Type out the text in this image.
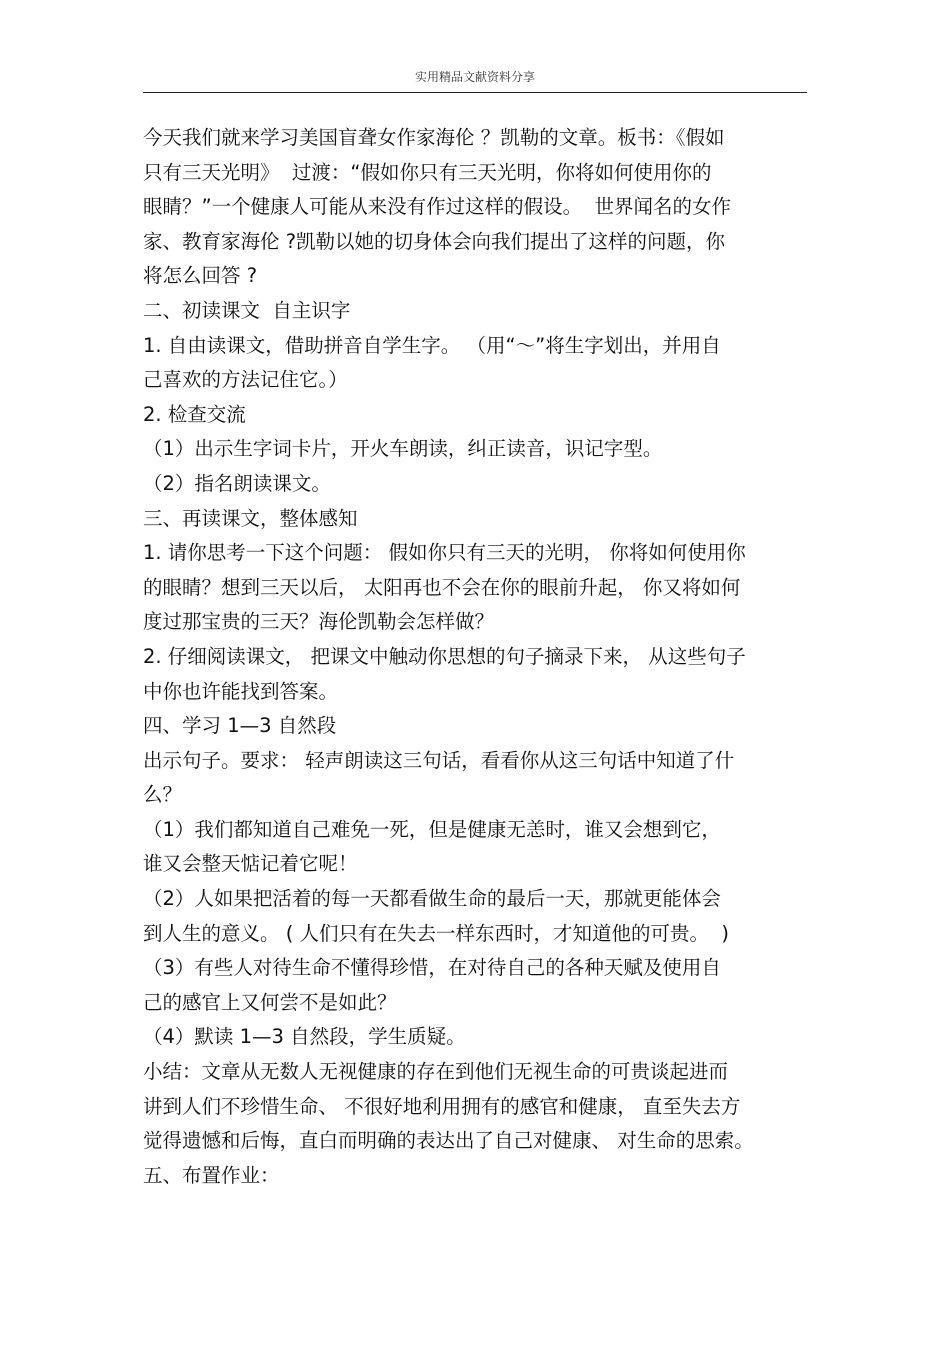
实用精品文献资料分享
今天我们就来学习美国盲聋女作家海伦 ？凯勒的文章。板书：《假如
只有三天光明》  过渡：“假如你只有三天光明，你将如何使用你的
眼睛？”一个健康人可能从来没有作过这样的假设。  世界闻名的女作
家、教育家海伦 ?凯勒以她的切身体会向我们提出了这样的问题，你
将怎么回答 ?
二、初读课文  自主识字
1. 自由读课文，借助拼音自学生字。 （用“～”将生字划出，并用自
己喜欢的方法记住它。）
2. 检查交流
（1）出示生字词卡片，开火车朗读，纠正读音，识记字型。
（2）指名朗读课文。
三、再读课文，整体感知
1. 请你思考一下这个问题： 假如你只有三天的光明， 你将如何使用你
的眼睛？想到三天以后， 太阳再也不会在你的眼前升起， 你又将如何
度过那宝贵的三天？海伦凯勒会怎样做？
2. 仔细阅读课文， 把课文中触动你思想的句子摘录下来， 从这些句子
中你也许能找到答案。
四、学习 1—3 自然段
出示句子。要求： 轻声朗读这三句话，看看你从这三句话中知道了什
么？
（1）我们都知道自己难免一死，但是健康无恙时，谁又会想到它，
谁又会整天惦记着它呢！
（2）人如果把活着的每一天都看做生命的最后一天，那就更能体会
到人生的意义。 ( 人们只有在失去一样东西时，才知道他的可贵。  )
（3）有些人对待生命不懂得珍惜，在对待自己的各种天赋及使用自
己的感官上又何尝不是如此？
（4）默读 1—3 自然段，学生质疑。
小结：文章从无数人无视健康的存在到他们无视生命的可贵谈起进而
讲到人们不珍惜生命、 不很好地利用拥有的感官和健康， 直至失去方
觉得遗憾和后悔，直白而明确的表达出了自己对健康、 对生命的思索。
五、布置作业：
